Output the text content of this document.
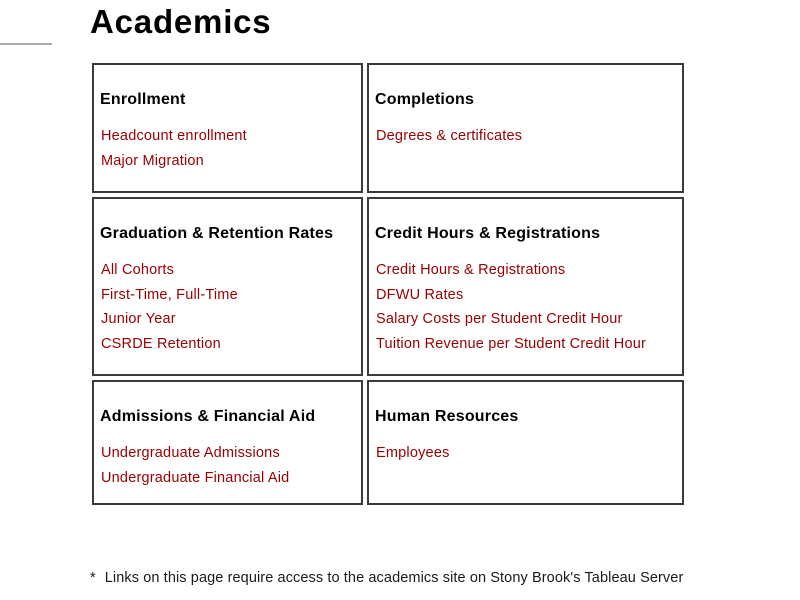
Academics
Enrollment
Headcount enrollment
Major Migration
Completions
Degrees & certificates
Graduation & Retention Rates
All Cohorts
First-Time, Full-Time
Junior Year
CSRDE Retention
Credit Hours & Registrations
Credit Hours & Registrations
DFWU Rates
Salary Costs per Student Credit Hour
Tuition Revenue per Student Credit Hour
Admissions & Financial Aid
Undergraduate Admissions
Undergraduate Financial Aid
Human Resources
Employees

* Links on this page require access to the academics site on Stony Brook's Tableau Server
